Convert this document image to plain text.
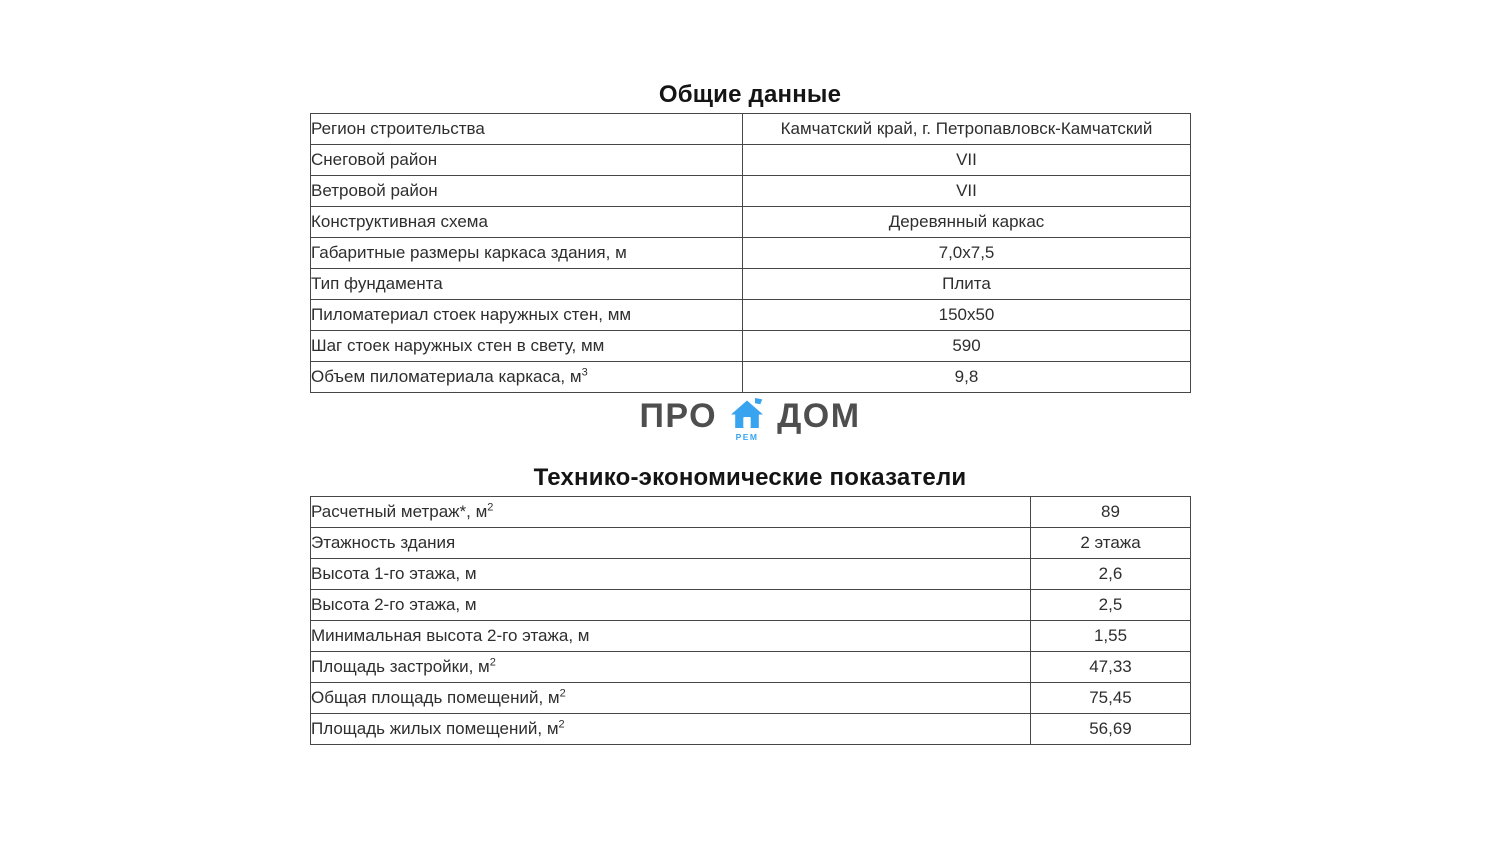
Общие данные
Регион строительства	Камчатский край, г. Петропавловск-Камчатский
Снеговой район	VII
Ветровой район	VII
Конструктивная схема	Деревянный каркас
Габаритные размеры каркаса здания, м	7,0х7,5
Тип фундамента	Плита
Пиломатериал стоек наружных стен, мм	150х50
Шаг стоек наружных стен в свету, мм	590
Объем пиломатериала каркаса, $м^3$	9,8
ПРО
РЕМ
ДОМ
Технико-экономические показатели
Расчетный метраж*, $м^2$	89
Этажность здания	2 этажа
Высота 1-го этажа, м	2,6
Высота 2-го этажа, м	2,5
Минимальная высота 2-го этажа, м	1,55
Площадь застройки, $м^2$	47,33
Общая площадь помещений, $м^2$	75,45
Площадь жилых помещений, $м^2$	56,69
